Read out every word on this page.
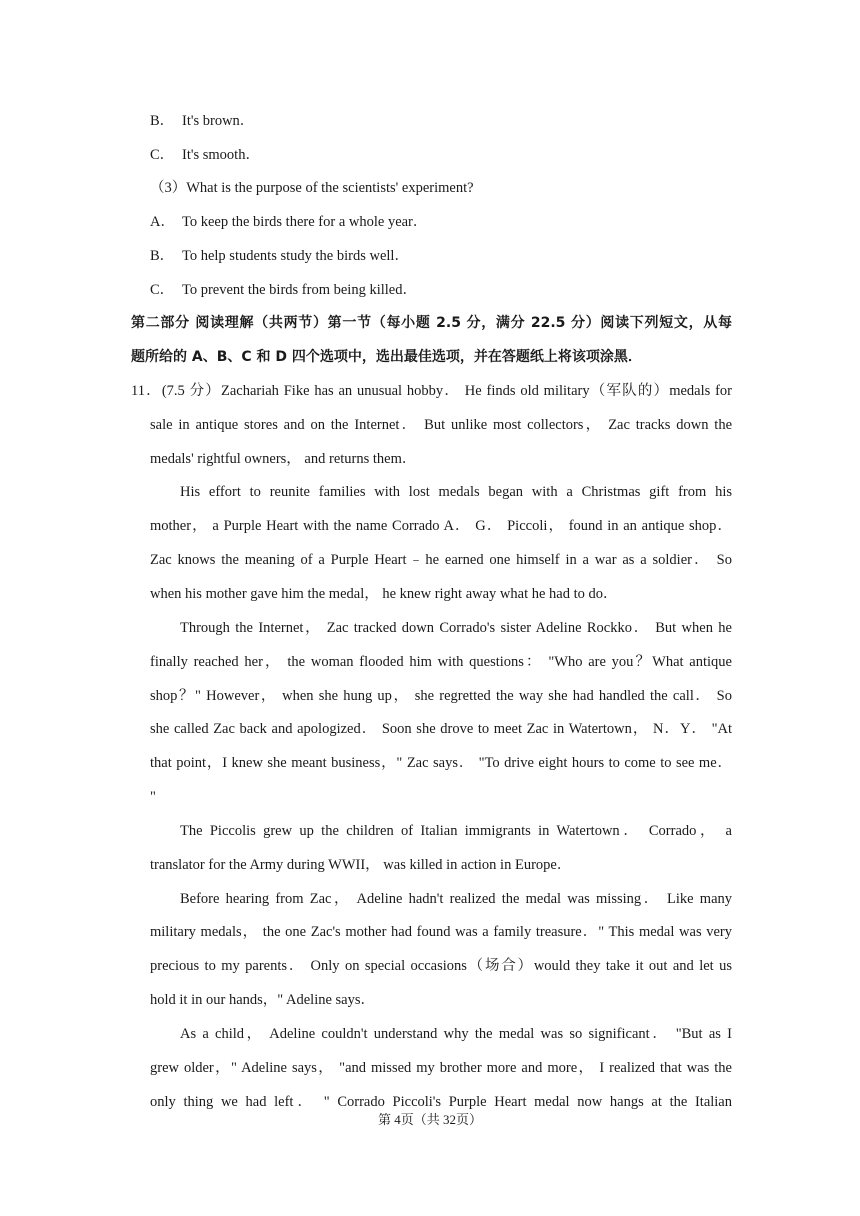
B． It's brown．
C． It's smooth．
（3）What is the purpose of the scientists' experiment?
A． To keep the birds there for a whole year．
B． To help students study the birds well．
C． To prevent the birds from being killed．
第二部分 阅读理解（共两节）第一节（每小题 2.5 分，满分 22.5 分）阅读下列短文，从每
题所给的 A、B、C 和 D 四个选项中，选出最佳选项，并在答题纸上将该项涂黑．
11．(7.5 分）Zachariah Fike has an unusual hobby． He finds old military（军队的）medals for
sale in antique stores and on the Internet． But unlike most collectors， Zac tracks down the
medals' rightful owners， and returns them．
His effort to reunite families with lost medals began with a Christmas gift from his
mother， a Purple Heart with the name Corrado A． G． Piccoli， found in an antique shop．
Zac knows the meaning of a Purple Heart﹣he earned one himself in a war as a soldier． So
when his mother gave him the medal， he knew right away what he had to do．
Through the Internet， Zac tracked down Corrado's sister Adeline Rockko． But when he
finally reached her， the woman flooded him with questions： "Who are you？What antique
shop？" However， when she hung up， she regretted the way she had handled the call． So
she called Zac back and apologized． Soon she drove to meet Zac in Watertown， N．Y． "At
that point，I knew she meant business，" Zac says． "To drive eight hours to come to see me．
"
The Piccolis grew up the children of Italian immigrants in Watertown． Corrado， a
translator for the Army during WWII， was killed in action in Europe．
Before hearing from Zac， Adeline hadn't realized the medal was missing． Like many
military medals， the one Zac's mother had found was a family treasure．" This medal was very
precious to my parents． Only on special occasions（场合）would they take it out and let us
hold it in our hands，" Adeline says．
As a child， Adeline couldn't understand why the medal was so significant． "But as I
grew older，" Adeline says， "and missed my brother more and more， I realized that was the
only thing we had left． " Corrado Piccoli's Purple Heart medal now hangs at the Italian
第 4页（共 32页）
